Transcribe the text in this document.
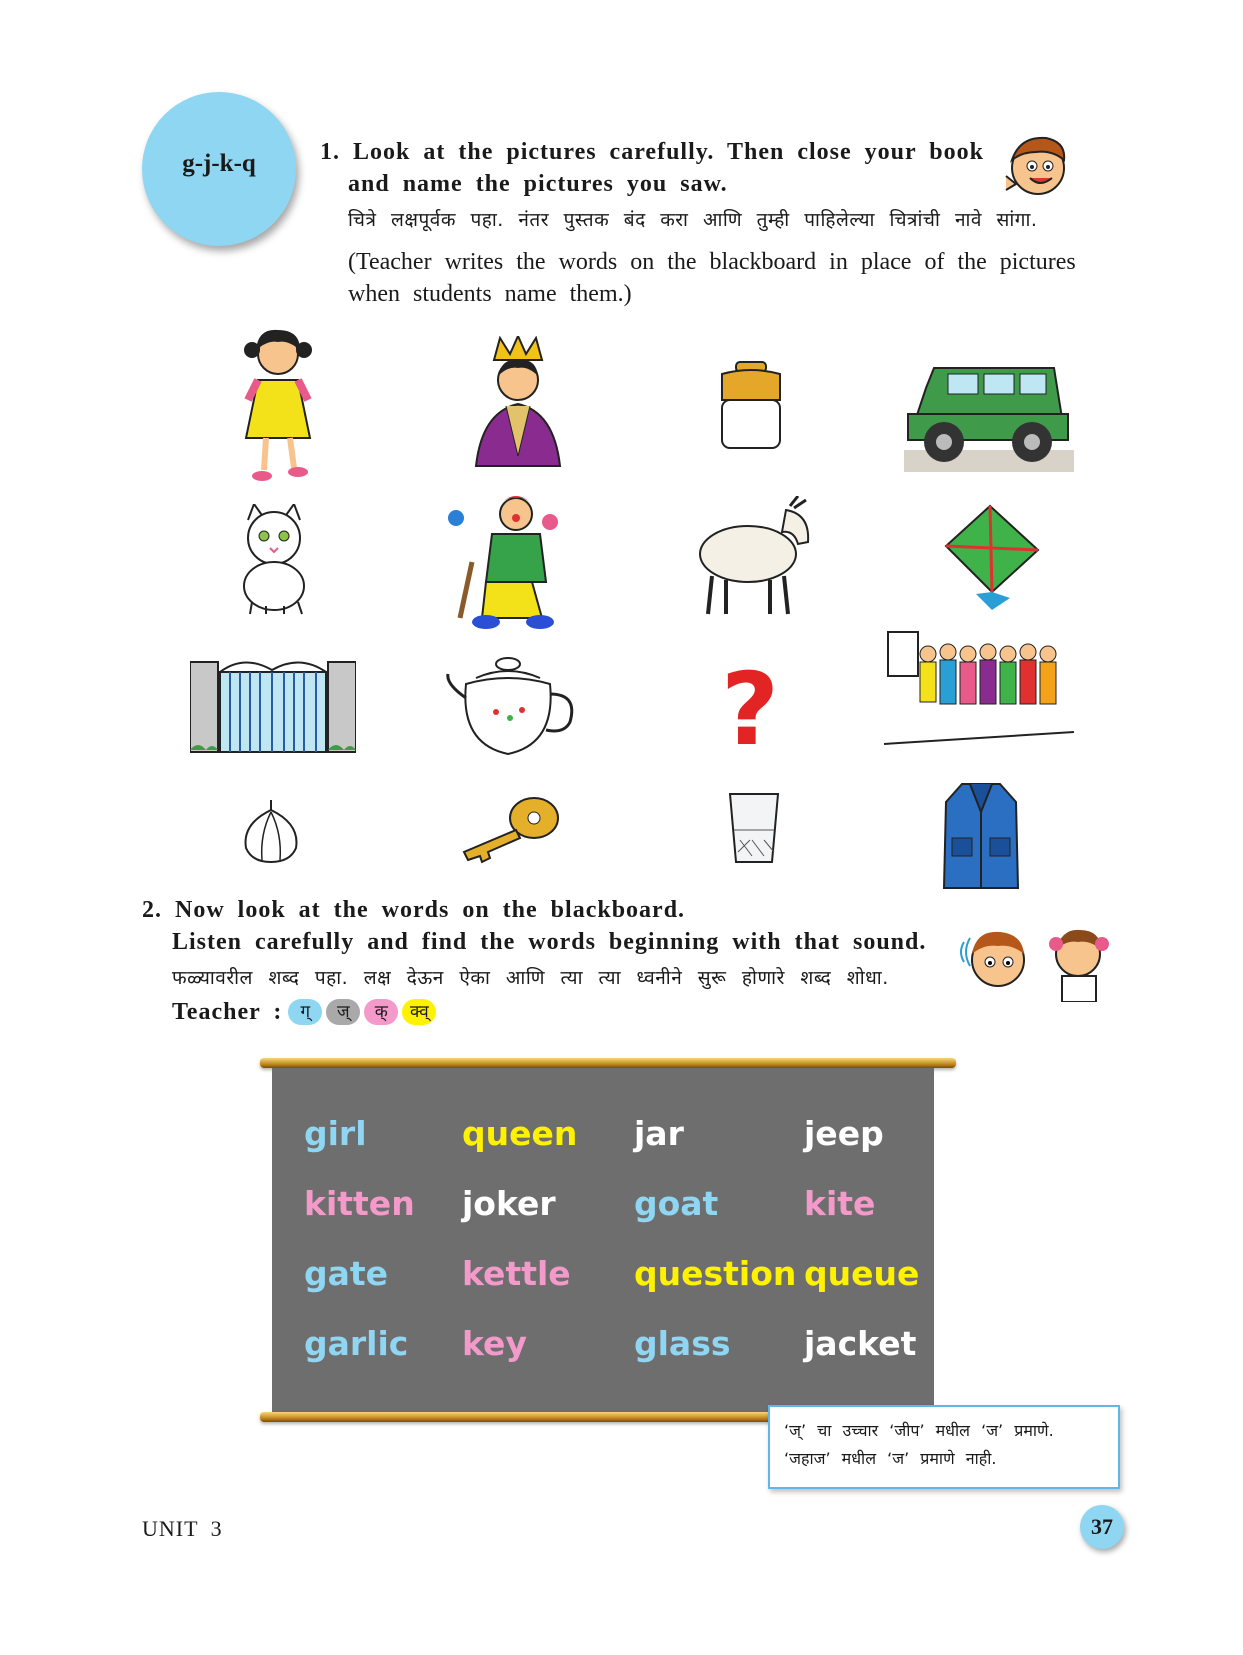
g-j-k-q	1. Look at the pictures carefully. Then close your book
and name the pictures you saw.
चित्रे लक्षपूर्वक पहा. नंतर पुस्तक बंद करा आणि तुम्ही पाहिलेल्या चित्रांची नावे सांगा.
(Teacher writes the words on the blackboard in place of the pictures
when students name them.)
?
2. Now look at the words on the blackboard.
Listen carefully and find the words beginning with that sound.
फळ्यावरील शब्द पहा. लक्ष देऊन ऐका आणि त्या त्या ध्वनीने सुरू होणारे शब्द शोधा.
Teacher :	ग्	ज्	क्	क्व्
girl	queen jar	jeep
kitten joker goat	kite
gate kettle question queue
garlic key	glass jacket
‘ज्’ चा उच्चार ‘जीप’ मधील ‘ज’ प्रमाणे.
‘जहाज’ मधील ‘ज’ प्रमाणे नाही.
UNIT 3	37
